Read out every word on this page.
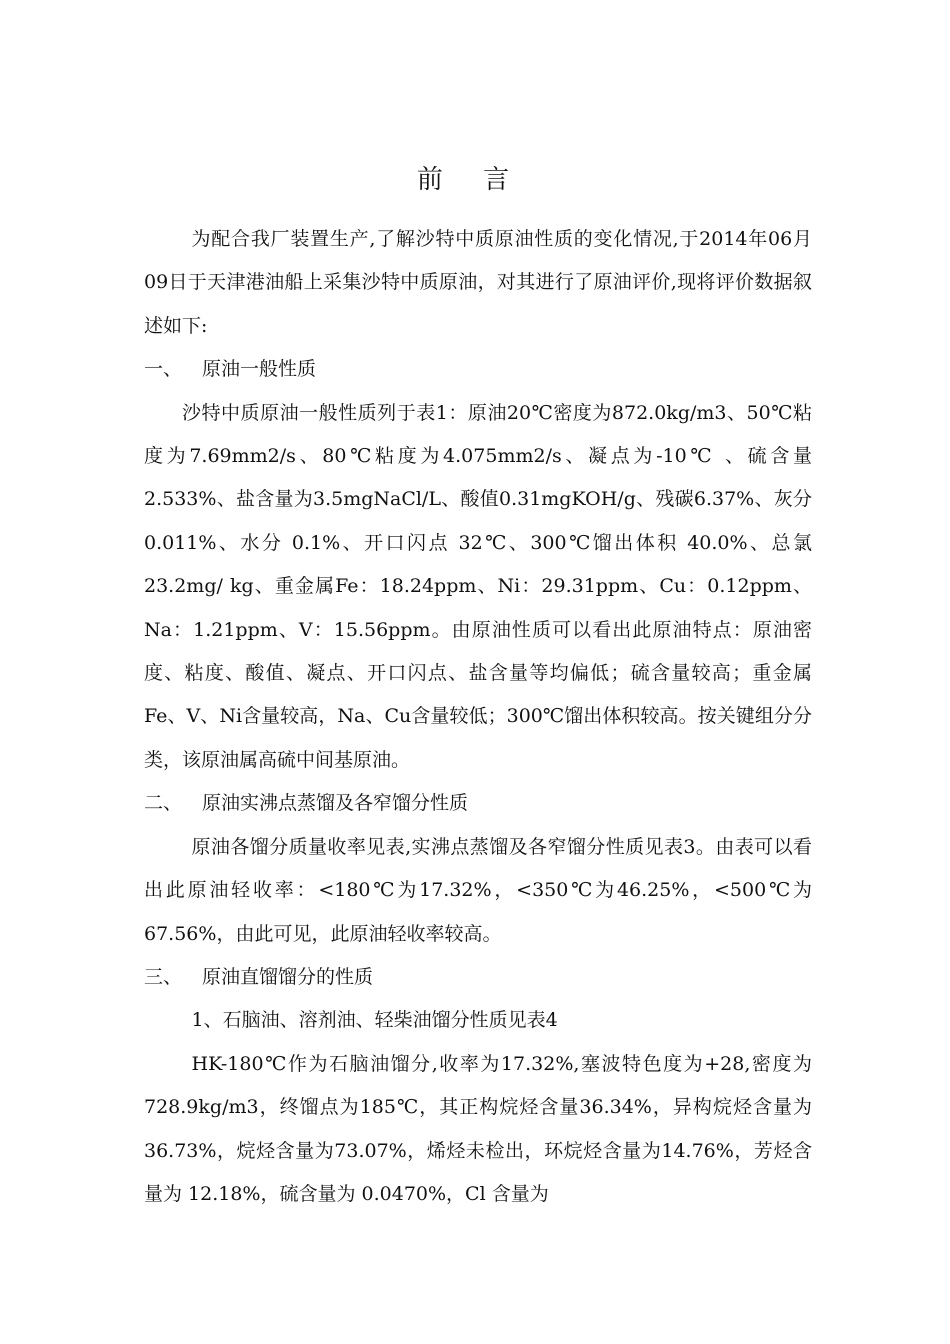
前 言

为配合我厂装置生产,了解沙特中质原油性质的变化情况,于2014年06月09日于天津港油船上采集沙特中质原油，对其进行了原油评价,现将评价数据叙述如下:

一、 原油一般性质

沙特中质原油一般性质列于表1：原油20℃密度为872.0kg/m3、50℃粘度为7.69mm2/s、80℃粘度为4.075mm2/s、凝点为-10℃ 、硫含量2.533%、盐含量为3.5mgNaCl/L、酸值0.31mgKOH/g、残碳6.37%、灰分 0.011%、水分 0.1%、开口闪点 32℃、300℃馏出体积 40.0%、总氯23.2mg/ kg、重金属Fe：18.24ppm、Ni：29.31ppm、Cu：0.12ppm、Na：1.21ppm、V：15.56ppm。由原油性质可以看出此原油特点：原油密度、粘度、酸值、凝点、开口闪点、盐含量等均偏低；硫含量较高；重金属Fe、V、Ni含量较高，Na、Cu含量较低；300℃馏出体积较高。按关键组分分类，该原油属高硫中间基原油。

二、 原油实沸点蒸馏及各窄馏分性质

原油各馏分质量收率见表,实沸点蒸馏及各窄馏分性质见表3。由表可以看出此原油轻收率：<180℃为17.32%，<350℃为46.25%，<500℃为67.56%，由此可见，此原油轻收率较高。

三、 原油直馏馏分的性质

1、石脑油、溶剂油、轻柴油馏分性质见表4

HK-180℃作为石脑油馏分,收率为17.32%,塞波特色度为+28,密度为728.9kg/m3，终馏点为185℃，其正构烷烃含量36.34%，异构烷烃含量为36.73%，烷烃含量为73.07%，烯烃未检出，环烷烃含量为14.76%，芳烃含量为 12.18%，硫含量为 0.0470%，Cl 含量为
